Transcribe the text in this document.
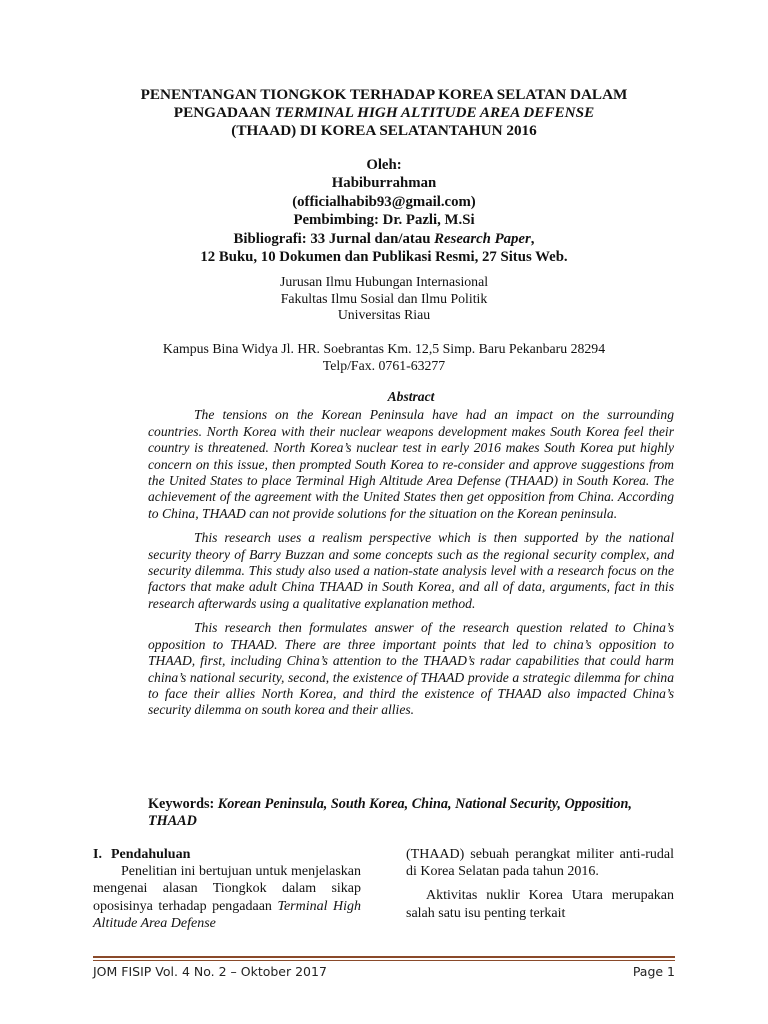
PENENTANGAN TIONGKOK TERHADAP KOREA SELATAN DALAM
PENGADAAN TERMINAL HIGH ALTITUDE AREA DEFENSE
(THAAD) DI KOREA SELATANTAHUN 2016
Oleh:
Habiburrahman
(officialhabib93@gmail.com)
Pembimbing: Dr. Pazli, M.Si
Bibliografi: 33 Jurnal dan/atau Research Paper,
12 Buku, 10 Dokumen dan Publikasi Resmi, 27 Situs Web.
Jurusan Ilmu Hubungan Internasional
Fakultas Ilmu Sosial dan Ilmu Politik
Universitas Riau
Kampus Bina Widya Jl. HR. Soebrantas Km. 12,5 Simp. Baru Pekanbaru 28294
Telp/Fax. 0761-63277
Abstract

The tensions on the Korean Peninsula have had an impact on the surrounding countries. North Korea with their nuclear weapons development makes South Korea feel their country is threatened. North Korea’s nuclear test in early 2016 makes South Korea put highly concern on this issue, then prompted South Korea to re-consider and approve suggestions from the United States to place Terminal High Altitude Area Defense (THAAD) in South Korea. The achievement of the agreement with the United States then get opposition from China. According to China, THAAD can not provide solutions for the situation on the Korean peninsula.

This research uses a realism perspective which is then supported by the national security theory of Barry Buzzan and some concepts such as the regional security complex, and security dilemma. This study also used a nation-state analysis level with a research focus on the factors that make adult China THAAD in South Korea, and all of data, arguments, fact in this research afterwards using a qualitative explanation method.

This research then formulates answer of the research question related to China’s opposition to THAAD. There are three important points that led to china’s opposition to THAAD, first, including China’s attention to the THAAD’s radar capabilities that could harm china’s national security, second, the existence of THAAD provide a strategic dilemma for china to face their allies North Korea, and third the existence of THAAD also impacted China’s security dilemma on south korea and their allies.

Keywords: Korean Peninsula, South Korea, China, National Security, Opposition, THAAD
I. Pendahuluan

Penelitian ini bertujuan untuk menjelaskan mengenai alasan Tiongkok dalam sikap oposisinya terhadap pengadaan Terminal High Altitude Area Defense

(THAAD) sebuah perangkat militer anti-rudal di Korea Selatan pada tahun 2016.

Aktivitas nuklir Korea Utara merupakan salah satu isu penting terkait

JOM FISIP Vol. 4 No. 2 – Oktober 2017	Page 1
